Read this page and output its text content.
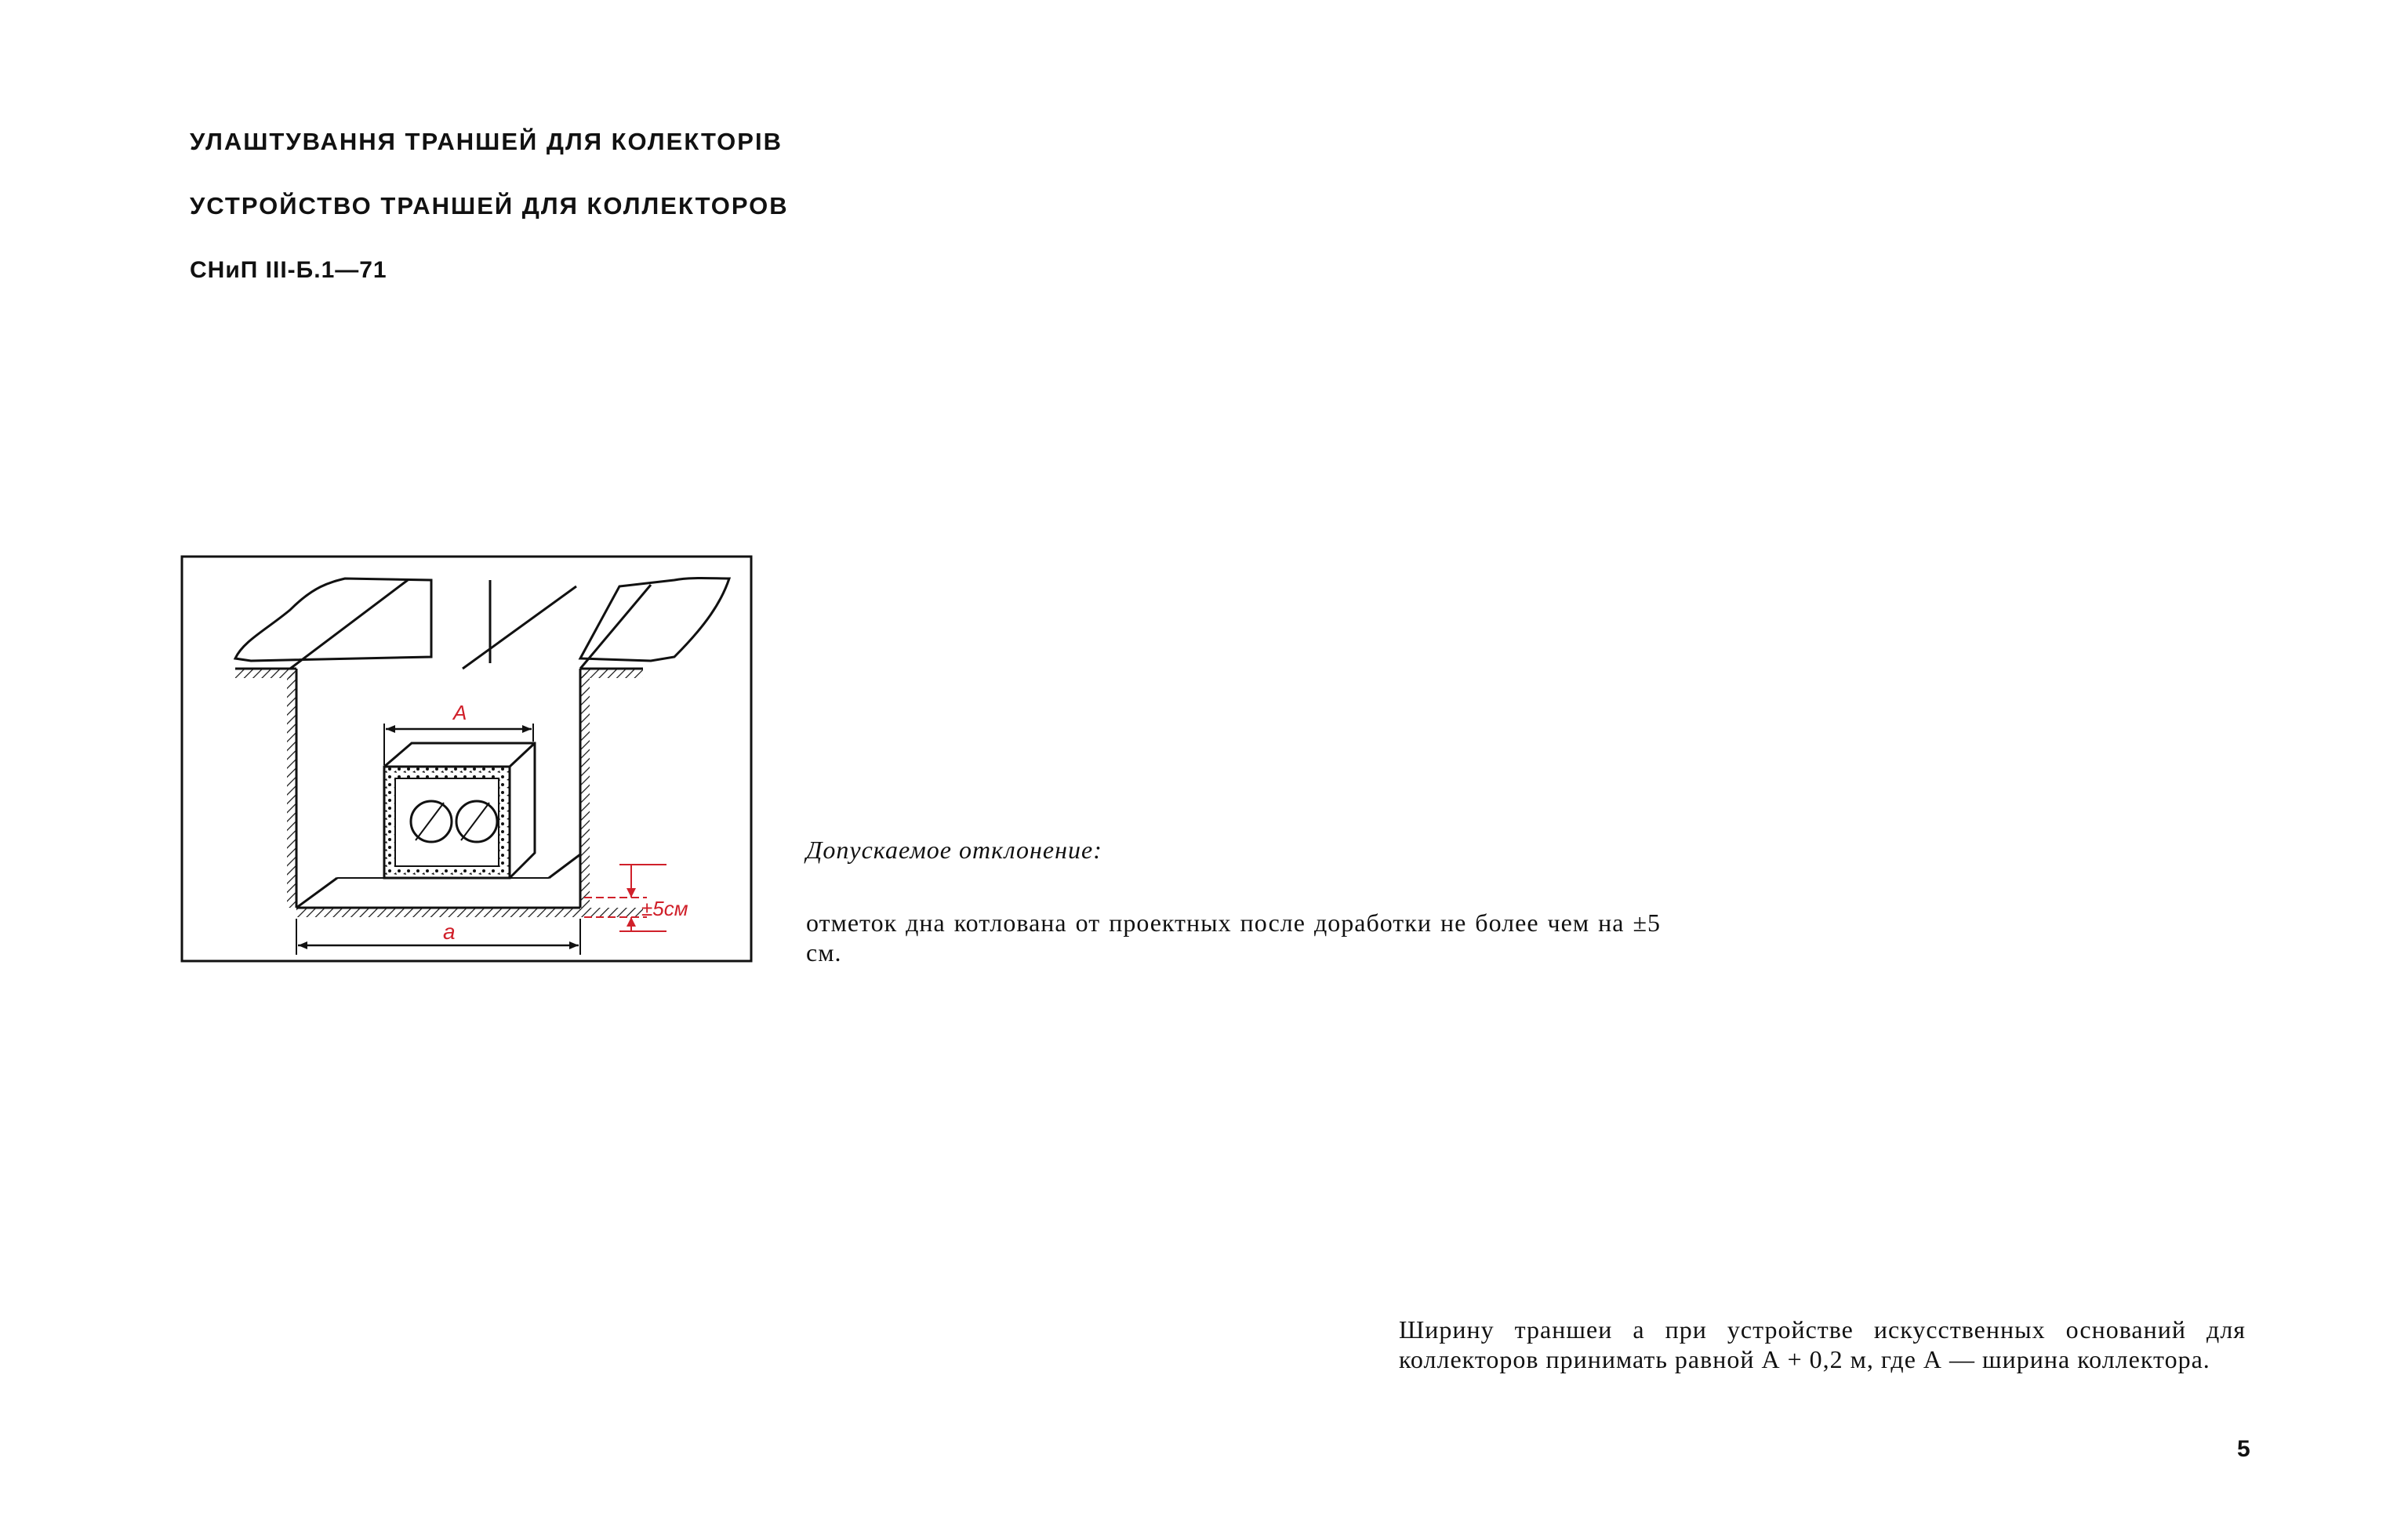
УЛАШТУВАННЯ ТРАНШЕЙ ДЛЯ КОЛЕКТОРІВ
УСТРОЙСТВО ТРАНШЕЙ ДЛЯ КОЛЛЕКТОРОВ
СНиП III-Б.1—71
А
а
±5см
Допускаемое отклонение:
отметок дна котлована от проектных после доработки не более чем на ±5 см.
Ширину траншеи а при устройстве искусственных оснований для коллекторов принимать равной А + 0,2 м, где А — ширина коллектора.
5
